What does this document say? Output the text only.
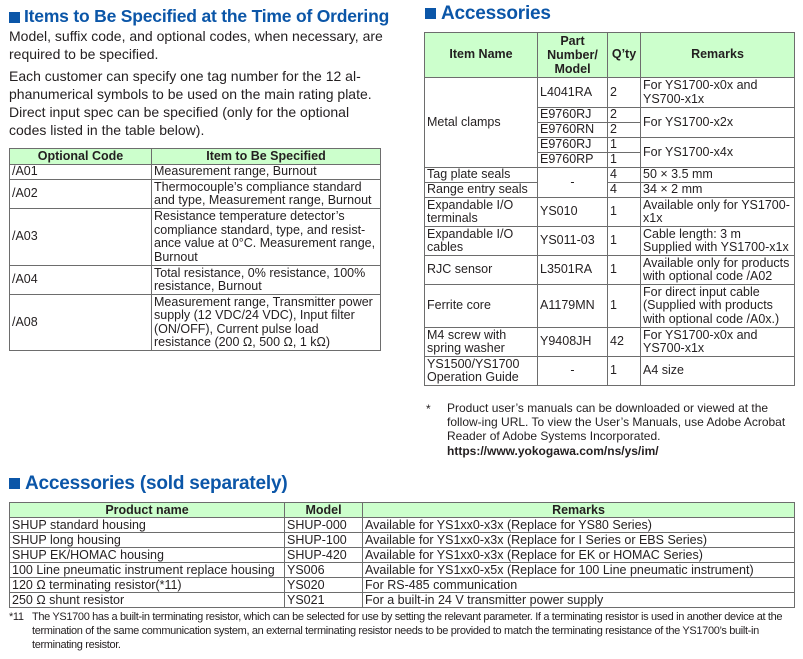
Items to Be Specified at the Time of Ordering
Model, suffix code, and optional codes, when necessary, are required to be specified.
Each customer can specify one tag number for the 12 al-phanumerical symbols to be used on the main rating plate.
Direct input spec can be specified (only for the optional codes listed in the table below).
Optional Code	Item to Be Specified
/A01	Measurement range, Burnout
/A02	Thermocouple’s compliance standard and type, Measurement range, Burnout
/A03	Resistance temperature detector’s compliance standard, type, and resist-ance value at 0°C. Measurement range, Burnout
/A04	Total resistance, 0% resistance, 100% resistance, Burnout
/A08	Measurement range, Transmitter power supply (12 VDC/24 VDC), Input filter (ON/OFF), Current pulse load resistance (200 Ω, 500 Ω, 1 kΩ)
Accessories
Item Name	Part Number/ Model	Q’ty	Remarks
Metal clamps	L4041RA	2	For YS1700-x0x and YS700-x1x
	E9760RJ	2	For YS1700-x2x
	E9760RN	2	
	E9760RJ	1	For YS1700-x4x
	E9760RP	1	
Tag plate seals	-	4	50 × 3.5 mm
Range entry seals		4	34 × 2 mm
Expandable I/O terminals	YS010	1	Available only for YS1700-x1x
Expandable I/O cables	YS011-03	1	Cable length: 3 m Supplied with YS1700-x1x
RJC sensor	L3501RA	1	Available only for products with optional code /A02
Ferrite core	A1179MN	1	For direct input cable (Supplied with products with optional code /A0x.)
M4 screw with spring washer	Y9408JH	42	For YS1700-x0x and YS700-x1x
YS1500/YS1700 Operation Guide	-	1	A4 size
* Product user’s manuals can be downloaded or viewed at the follow-ing URL. To view the User’s Manuals, use Adobe Acrobat Reader of Adobe Systems Incorporated.
https://www.yokogawa.com/ns/ys/im/
Accessories (sold separately)
Product name	Model	Remarks
SHUP standard housing	SHUP-000	Available for YS1xx0-x3x (Replace for YS80 Series)
SHUP long housing	SHUP-100	Available for YS1xx0-x3x (Replace for I Series or EBS Series)
SHUP EK/HOMAC housing	SHUP-420	Available for YS1xx0-x3x (Replace for EK or HOMAC Series)
100 Line pneumatic instrument replace housing	YS006	Available for YS1xx0-x5x (Replace for 100 Line pneumatic instrument)
120 Ω terminating resistor(*11)	YS020	For RS-485 communication
250 Ω shunt resistor	YS021	For a built-in 24 V transmitter power supply
*11 The YS1700 has a built-in terminating resistor, which can be selected for use by setting the relevant parameter. If a terminating resistor is used in another device at the termination of the same communication system, an external terminating resistor needs to be provided to match the terminating resistance of the YS1700’s built-in terminating resistor.
